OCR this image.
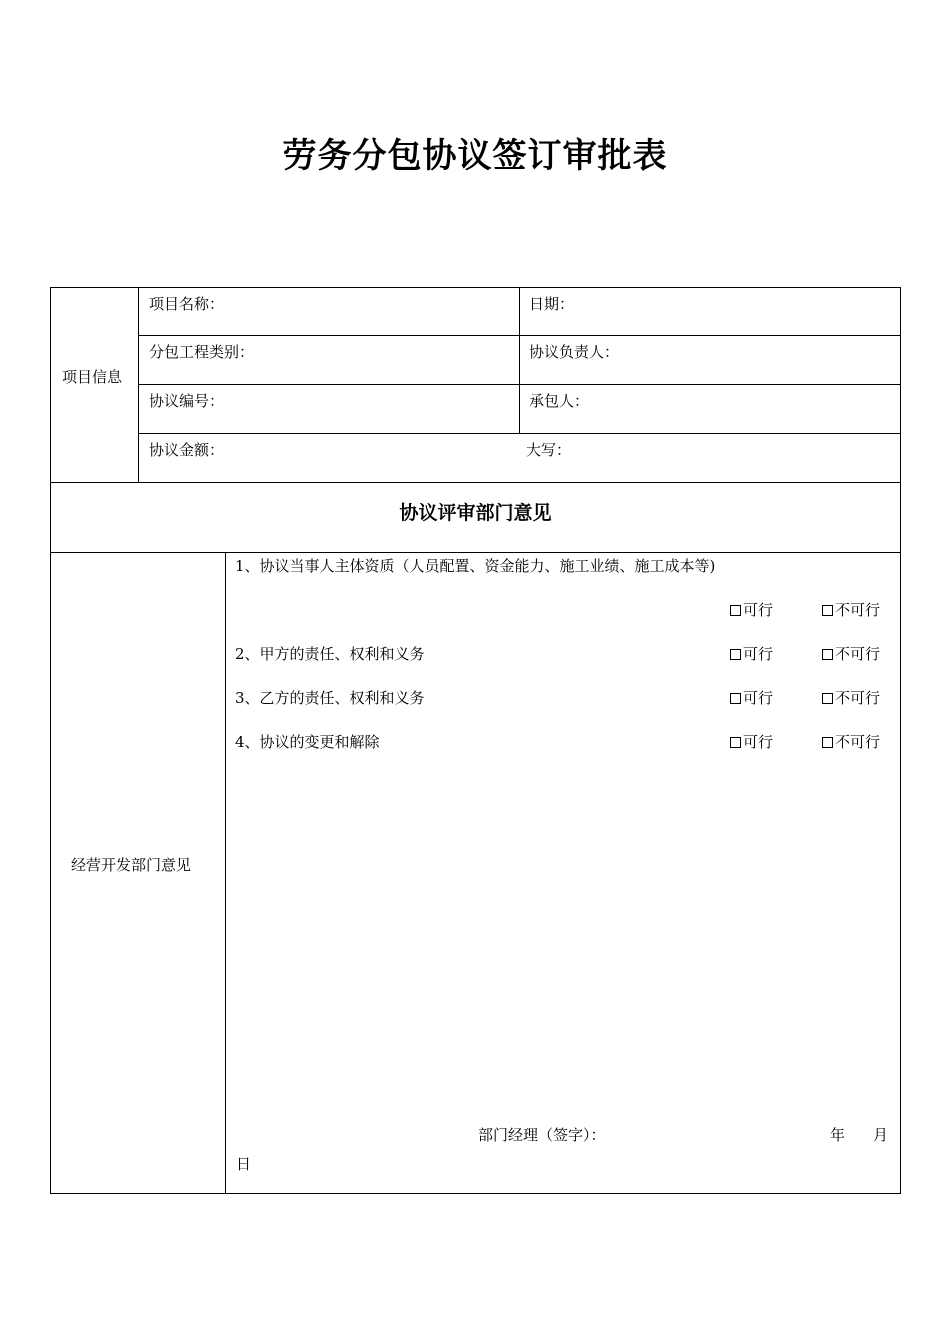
劳务分包协议签订审批表
项目信息
项目名称：	日期：
分包工程类别：	协议负责人：
协议编号：	承包人：
协议金额：	大写：
协议评审部门意见
经营开发部门意见
1、协议当事人主体资质（人员配置、资金能力、施工业绩、施工成本等)
可行	不可行
2、甲方的责任、权利和义务	可行	不可行
3、乙方的责任、权利和义务	可行	不可行
4、协议的变更和解除	可行	不可行
部门经理（签字）：	年 月
日
